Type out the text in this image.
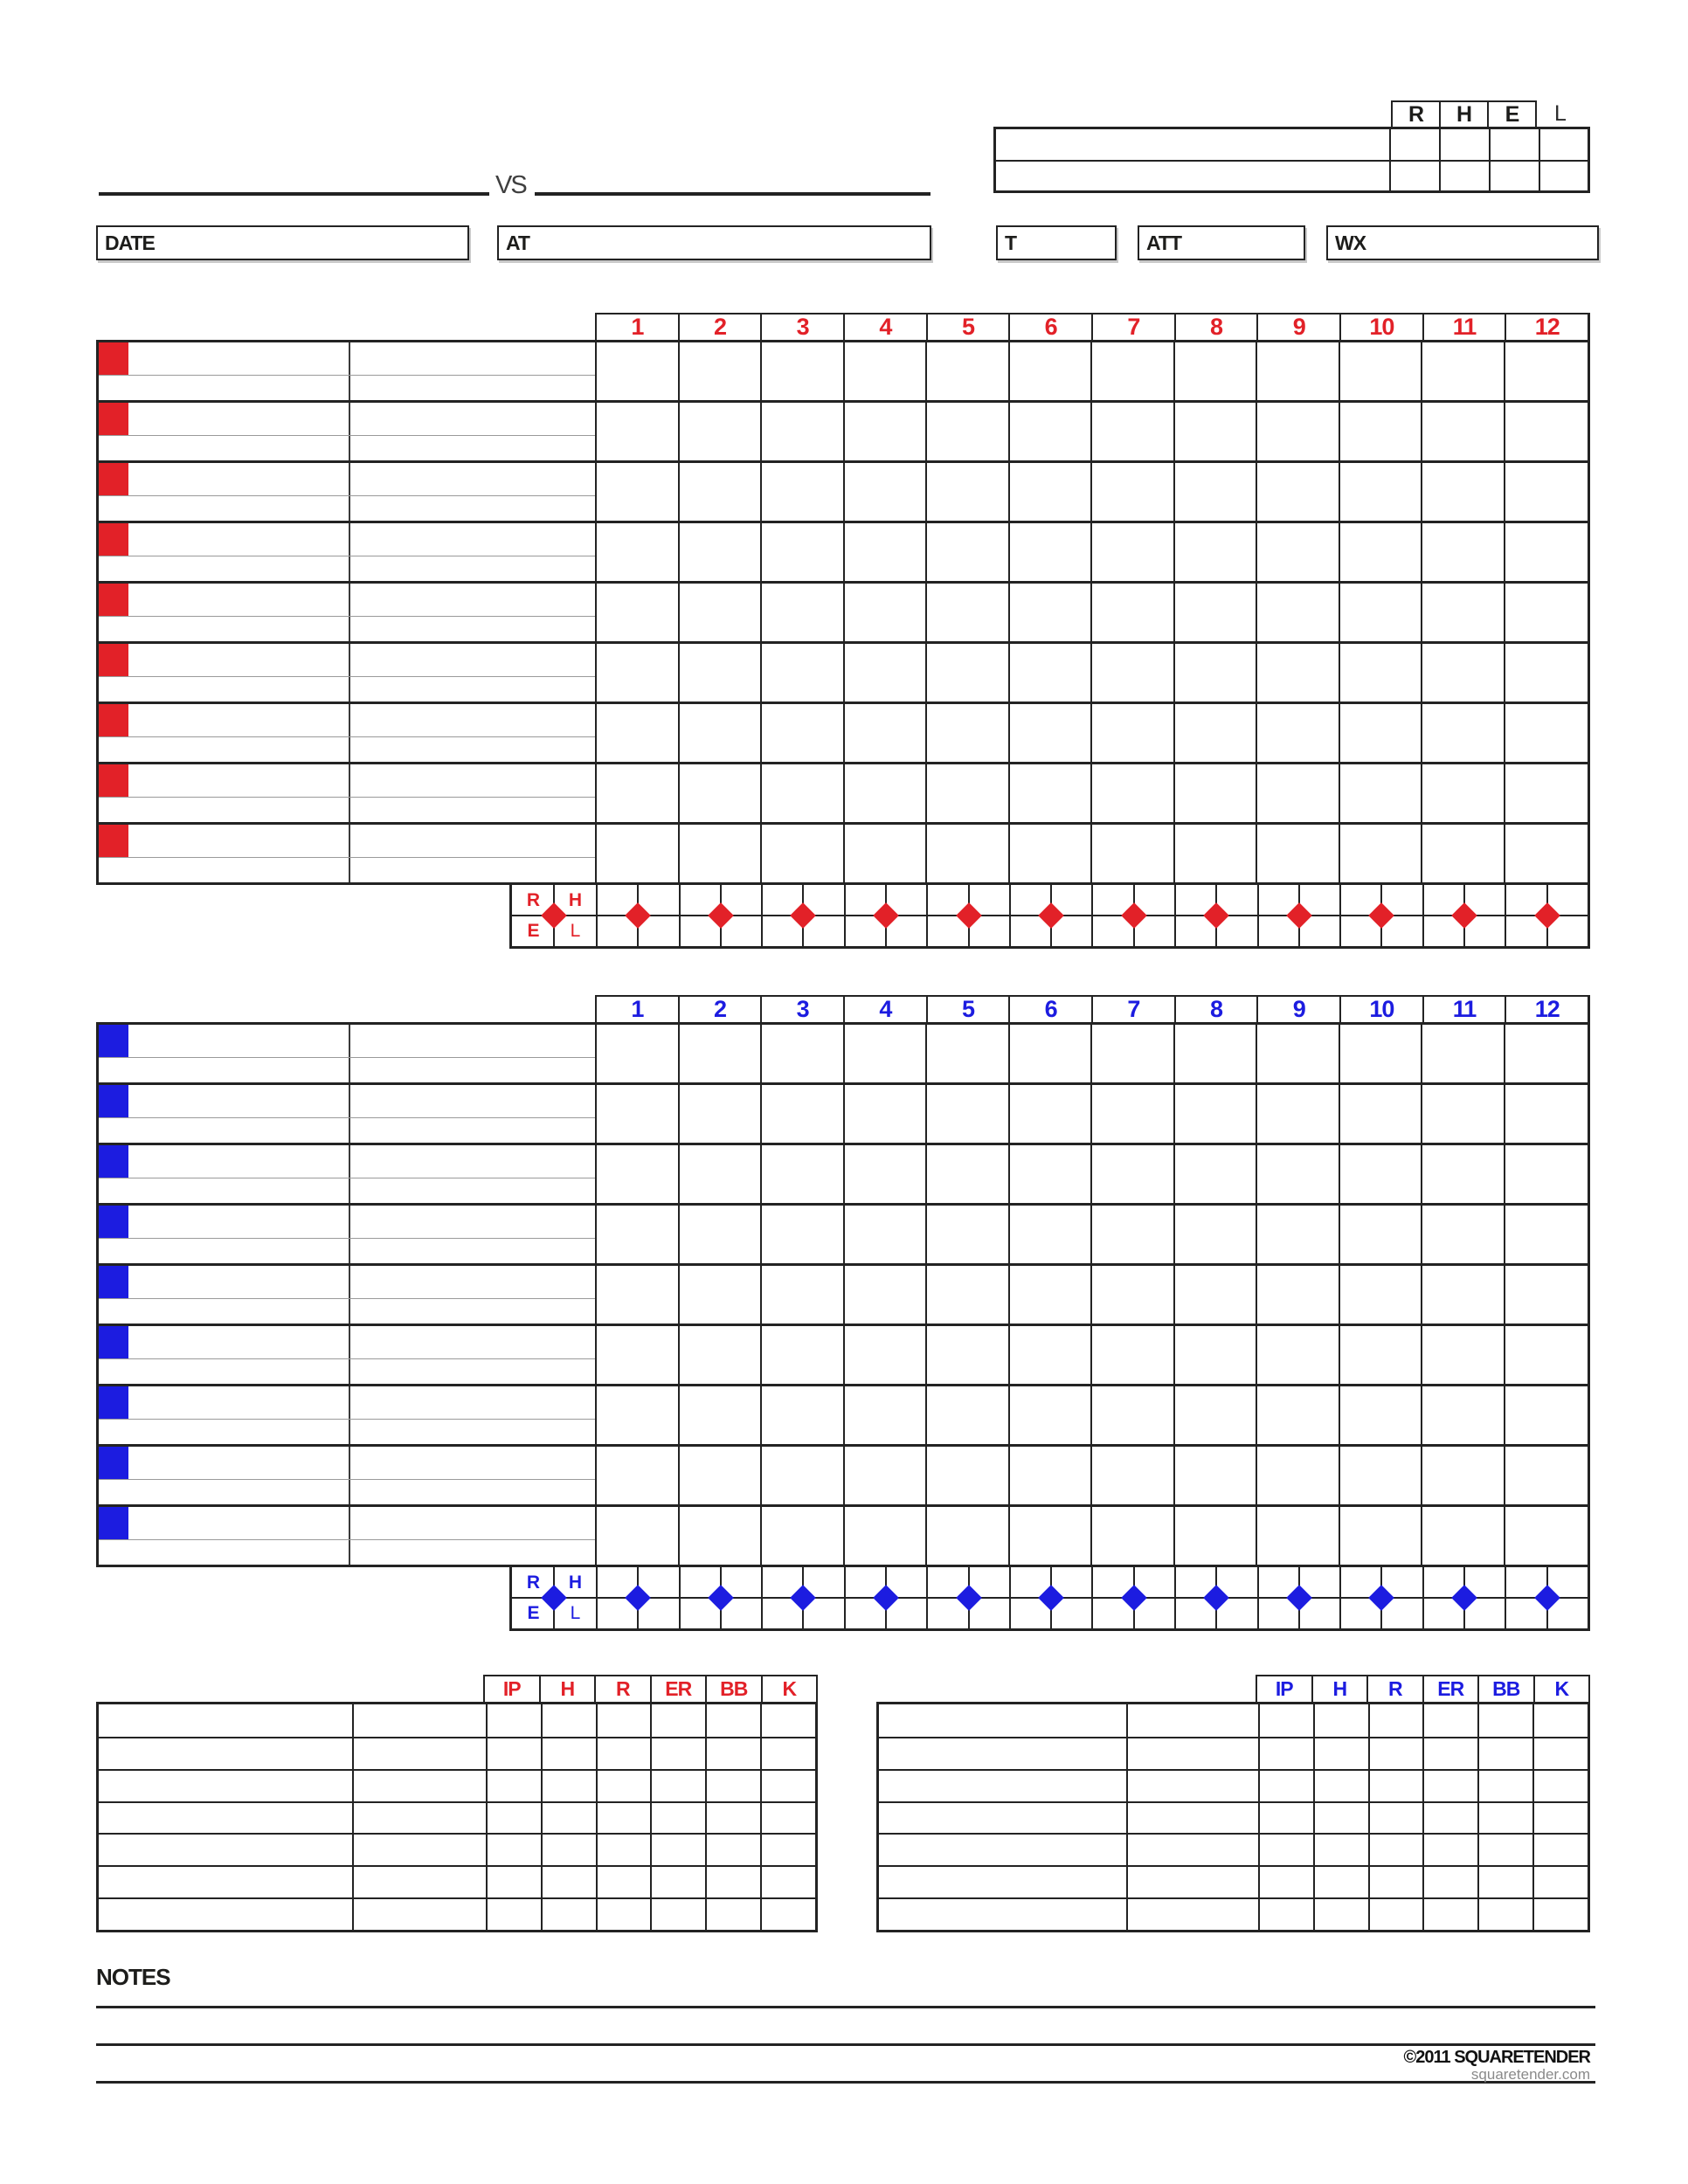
R	H	E	L
VS
DATE	AT	T	ATT	WX
1	2	3	4	5	6	7	8	9	10	11	12
R	H
E	L
IP	H	R	ER	BB	K
1	2	3	4	5	6	7	8	9	10	11	12
R	H
E	L
IP	H	R	ER	BB	K
NOTES
©2011 SQUARETENDER
squaretender.com
